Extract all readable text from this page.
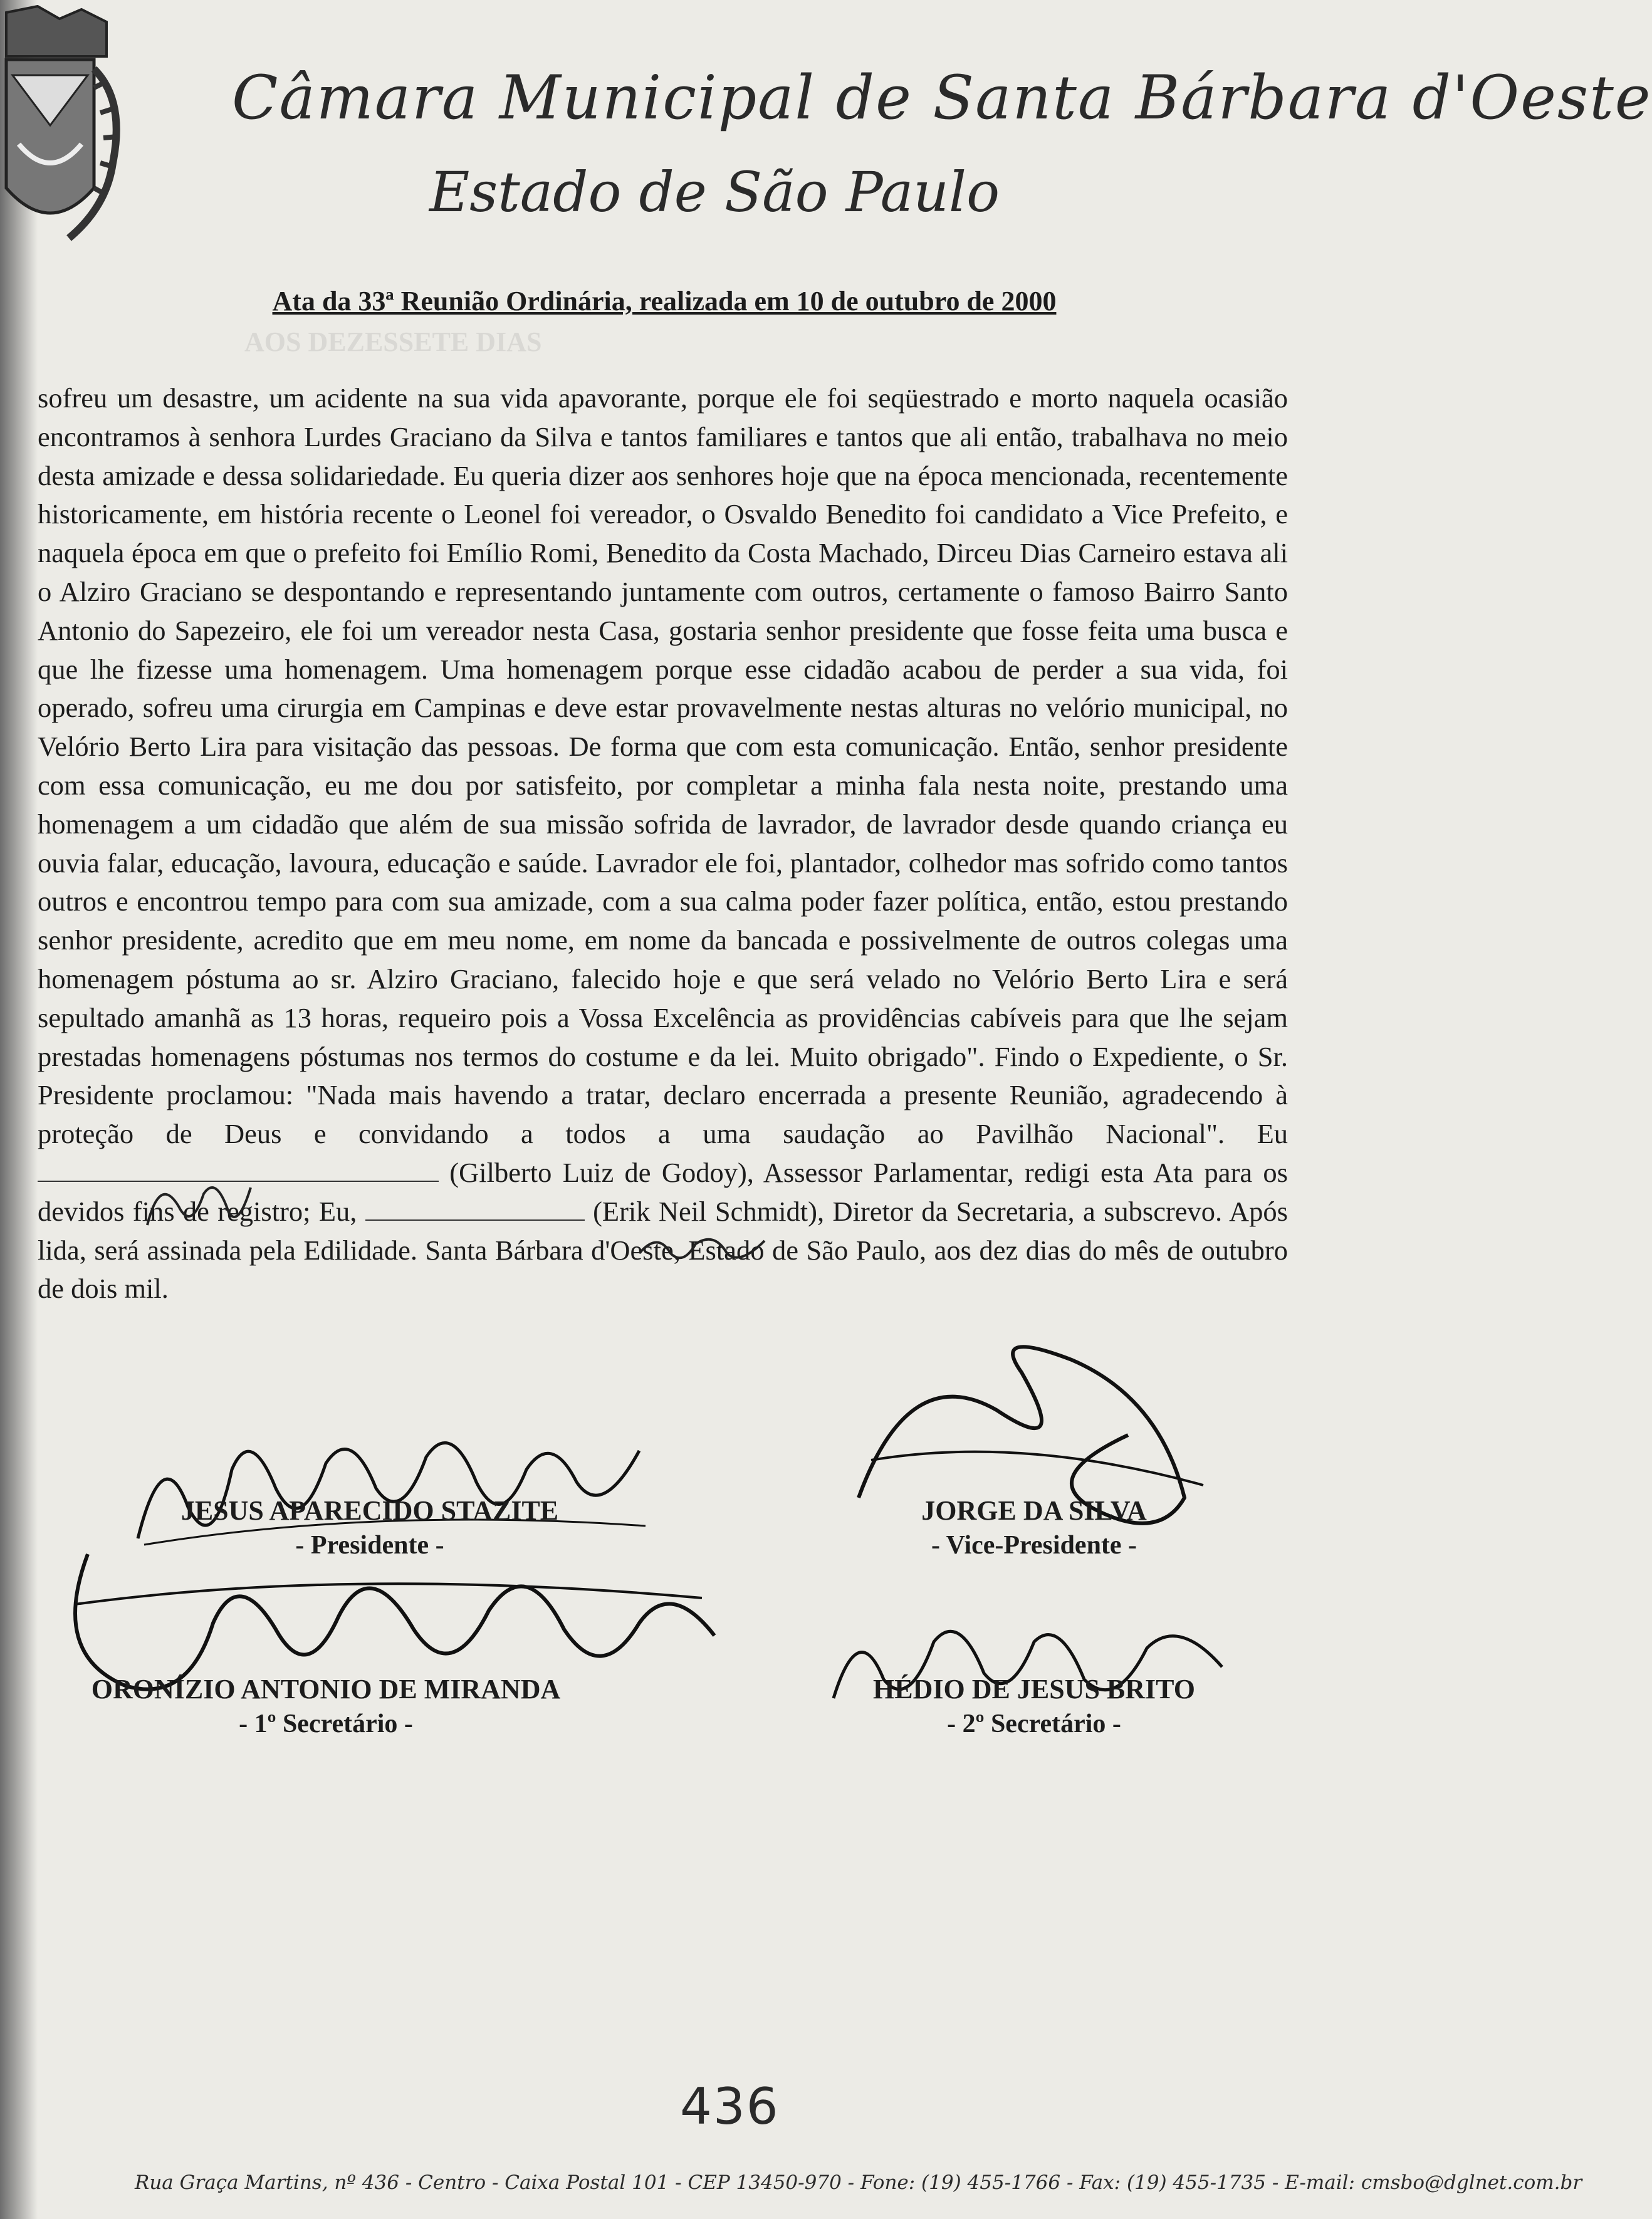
Câmara Municipal de Santa Bárbara d'Oeste
Estado de São Paulo
AOS DEZESSETE DIAS
Ata da 33ª Reunião Ordinária, realizada em 10 de outubro de 2000

sofreu um desastre, um acidente na sua vida apavorante, porque ele foi seqüestrado e morto naquela ocasião encontramos à senhora Lurdes Graciano da Silva e tantos familiares e tantos que ali então, trabalhava no meio desta amizade e dessa solidariedade. Eu queria dizer aos senhores hoje que na época mencionada, recentemente historicamente, em história recente o Leonel foi vereador, o Osvaldo Benedito foi candidato a Vice Prefeito, e naquela época em que o prefeito foi Emílio Romi, Benedito da Costa Machado, Dirceu Dias Carneiro estava ali o Alziro Graciano se despontando e representando juntamente com outros, certamente o famoso Bairro Santo Antonio do Sapezeiro, ele foi um vereador nesta Casa, gostaria senhor presidente que fosse feita uma busca e que lhe fizesse uma homenagem. Uma homenagem porque esse cidadão acabou de perder a sua vida, foi operado, sofreu uma cirurgia em Campinas e deve estar provavelmente nestas alturas no velório municipal, no Velório Berto Lira para visitação das pessoas. De forma que com esta comunicação. Então, senhor presidente com essa comunicação, eu me dou por satisfeito, por completar a minha fala nesta noite, prestando uma homenagem a um cidadão que além de sua missão sofrida de lavrador, de lavrador desde quando criança eu ouvia falar, educação, lavoura, educação e saúde. Lavrador ele foi, plantador, colhedor mas sofrido como tantos outros e encontrou tempo para com sua amizade, com a sua calma poder fazer política, então, estou prestando senhor presidente, acredito que em meu nome, em nome da bancada e possivelmente de outros colegas uma homenagem póstuma ao sr. Alziro Graciano, falecido hoje e que será velado no Velório Berto Lira e será sepultado amanhã as 13 horas, requeiro pois a Vossa Excelência as providências cabíveis para que lhe sejam prestadas homenagens póstumas nos termos do costume e da lei. Muito obrigado". Findo o Expediente, o Sr. Presidente proclamou: "Nada mais havendo a tratar, declaro encerrada a presente Reunião, agradecendo à proteção de Deus e convidando a todos a uma saudação ao Pavilhão Nacional". Eu  (Gilberto Luiz de Godoy), Assessor Parlamentar, redigi esta Ata para os devidos fins de registro; Eu,	(Erik Neil Schmidt), Diretor da Secretaria, a subscrevo. Após lida, será assinada pela Edilidade. Santa Bárbara d'Oeste, Estado de São Paulo, aos dez dias do mês de outubro de dois mil.

JESUS APARECIDO STAZITE
- Presidente -
JORGE DA SILVA
- Vice-Presidente -
ORONÍZIO ANTONIO DE MIRANDA
- 1º Secretário -
HÉDIO DE JESUS BRITO
- 2º Secretário -
436
Rua Graça Martins, nº 436 - Centro - Caixa Postal 101 - CEP 13450-970 - Fone: (19) 455-1766 - Fax: (19) 455-1735 - E-mail: cmsbo@dglnet.com.br
